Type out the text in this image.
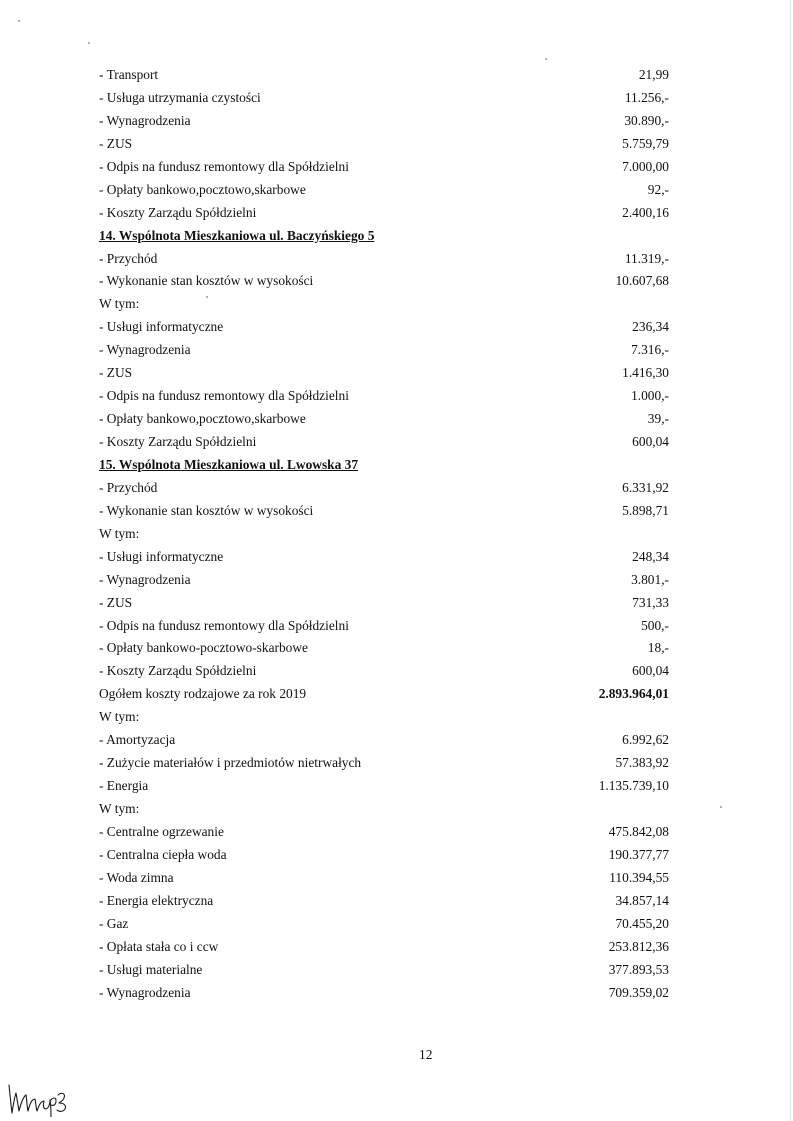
- Transport	21,99
- Usługa utrzymania czystości	11.256,-
- Wynagrodzenia	30.890,-
- ZUS	5.759,79
- Odpis na fundusz remontowy dla Spółdzielni	7.000,00
- Opłaty bankowo,pocztowo,skarbowe	92,-
- Koszty Zarządu Spółdzielni	2.400,16
14. Wspólnota Mieszkaniowa ul. Baczyńskiego 5
- Przychód	11.319,-
- Wykonanie stan kosztów w wysokości	10.607,68
W tym:
- Usługi informatyczne	236,34
- Wynagrodzenia	7.316,-
- ZUS	1.416,30
- Odpis na fundusz remontowy dla Spółdzielni	1.000,-
- Opłaty bankowo,pocztowo,skarbowe	39,-
- Koszty Zarządu Spółdzielni	600,04
15. Wspólnota Mieszkaniowa ul. Lwowska 37
- Przychód	6.331,92
- Wykonanie stan kosztów w wysokości	5.898,71
W tym:
- Usługi informatyczne	248,34
- Wynagrodzenia	3.801,-
- ZUS	731,33
- Odpis na fundusz remontowy dla Spółdzielni	500,-
- Opłaty bankowo-pocztowo-skarbowe	18,-
- Koszty Zarządu Spółdzielni	600,04
Ogółem koszty rodzajowe za rok 2019	2.893.964,01
W tym:
- Amortyzacja	6.992,62
- Zużycie materiałów i przedmiotów nietrwałych	57.383,92
- Energia	1.135.739,10
W tym:
- Centralne ogrzewanie	475.842,08
- Centralna ciepła woda	190.377,77
- Woda zimna	110.394,55
- Energia elektryczna	34.857,14
- Gaz	70.455,20
- Opłata stała co i ccw	253.812,36
- Usługi materialne	377.893,53
- Wynagrodzenia	709.359,02
12
